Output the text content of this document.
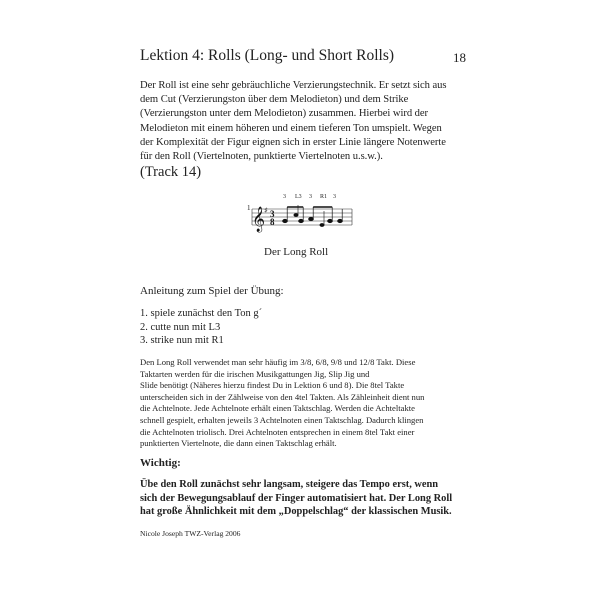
Lektion 4: Rolls (Long- und Short Rolls)	18
Der Roll ist eine sehr gebräuchliche Verzierungstechnik. Er setzt sich aus
dem Cut (Verzierungston über dem Melodieton) und dem Strike
(Verzierungston unter dem Melodieton) zusammen. Hierbei wird der
Melodieton mit einem höheren und einem tieferen Ton umspielt. Wegen
der Komplexität der Figur eignen sich in erster Linie längere Notenwerte
für den Roll (Viertelnoten, punktierte Viertelnoten u.s.w.).
(Track 14)
1
3 L3 3 R1 3
𝄞
♯ 3
8
Der Long Roll
Anleitung zum Spiel der Übung:
1. spiele zunächst den Ton g´
2. cutte nun mit L3
3. strike nun mit R1
Den Long Roll verwendet man sehr häufig im 3/8, 6/8, 9/8 und 12/8 Takt. Diese
Taktarten werden für die irischen Musikgattungen Jig, Slip Jig und
Slide benötigt (Näheres hierzu findest Du in Lektion 6 und 8). Die 8tel Takte
unterscheiden sich in der Zählweise von den 4tel Takten. Als Zähleinheit dient nun
die Achtelnote. Jede Achtelnote erhält einen Taktschlag. Werden die Achteltakte
schnell gespielt, erhalten jeweils 3 Achtelnoten einen Taktschlag. Dadurch klingen
die Achtelnoten triolisch. Drei Achtelnoten entsprechen in einem 8tel Takt einer
punktierten Viertelnote, die dann einen Taktschlag erhält.
Wichtig:
Übe den Roll zunächst sehr langsam, steigere das Tempo erst, wenn
sich der Bewegungsablauf der Finger automatisiert hat. Der Long Roll
hat große Ähnlichkeit mit dem „Doppelschlag“ der klassischen Musik.
Nicole Joseph TWZ-Verlag 2006
